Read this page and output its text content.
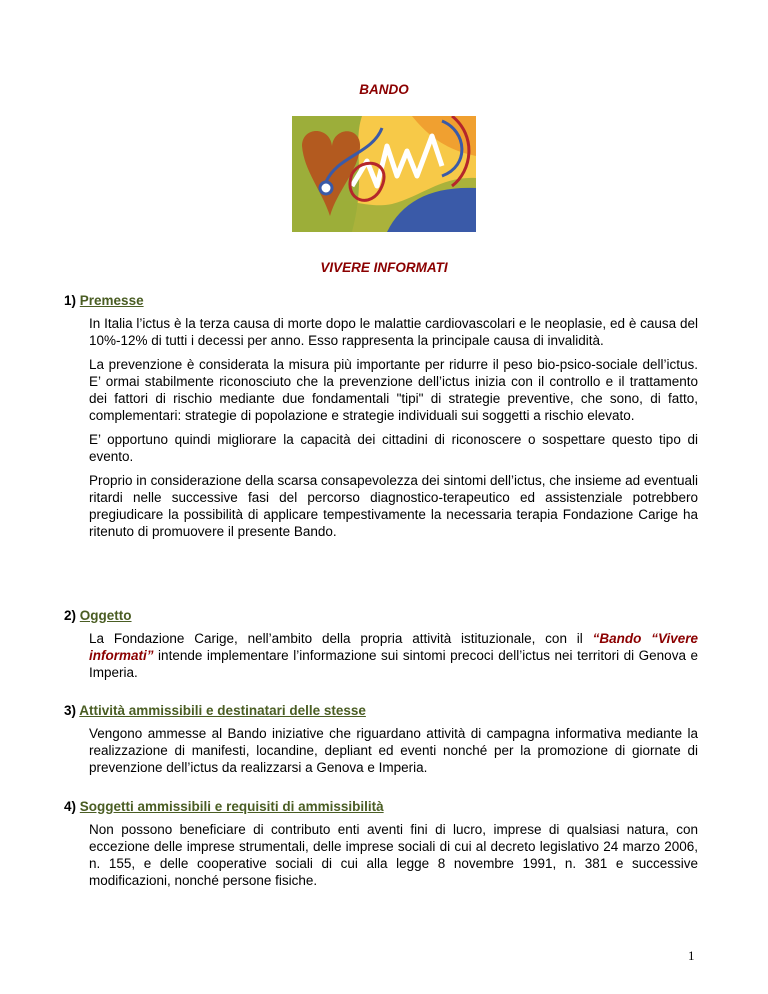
BANDO
VIVERE INFORMATI
1) Premesse

In Italia l’ictus è la terza causa di morte dopo le malattie cardiovascolari e le neoplasie, ed è causa del 10%-12% di tutti i decessi per anno. Esso rappresenta la principale causa di invalidità.

La prevenzione è considerata la misura più importante per ridurre il peso bio-psico-sociale dell’ictus. E’ ormai stabilmente riconosciuto che la prevenzione dell’ictus inizia con il controllo e il trattamento dei fattori di rischio mediante due fondamentali "tipi" di strategie preventive, che sono, di fatto, complementari: strategie di popolazione e strategie individuali sui soggetti a rischio elevato.

E’ opportuno quindi migliorare la capacità dei cittadini di riconoscere o sospettare questo tipo di evento.

Proprio in considerazione della scarsa consapevolezza dei sintomi dell’ictus, che insieme ad eventuali ritardi nelle successive fasi del percorso diagnostico-terapeutico ed assistenziale potrebbero pregiudicare la possibilità di applicare tempestivamente la necessaria terapia Fondazione Carige ha ritenuto di promuovere il presente Bando.

2) Oggetto

La Fondazione Carige, nell’ambito della propria attività istituzionale, con il “Bando “Vivere informati” intende implementare l’informazione sui sintomi precoci dell’ictus nei territori di Genova e Imperia.

3) Attività ammissibili e destinatari delle stesse

Vengono ammesse al Bando iniziative che riguardano attività di campagna informativa mediante la realizzazione di manifesti, locandine, depliant ed eventi nonché per la promozione di giornate di prevenzione dell’ictus da realizzarsi a Genova e Imperia.

4) Soggetti ammissibili e requisiti di ammissibilità

Non possono beneficiare di contributo enti aventi fini di lucro, imprese di qualsiasi natura, con eccezione delle imprese strumentali, delle imprese sociali di cui al decreto legislativo 24 marzo 2006, n. 155, e delle cooperative sociali di cui alla legge 8 novembre 1991, n. 381 e successive modificazioni, nonché persone fisiche.

1
